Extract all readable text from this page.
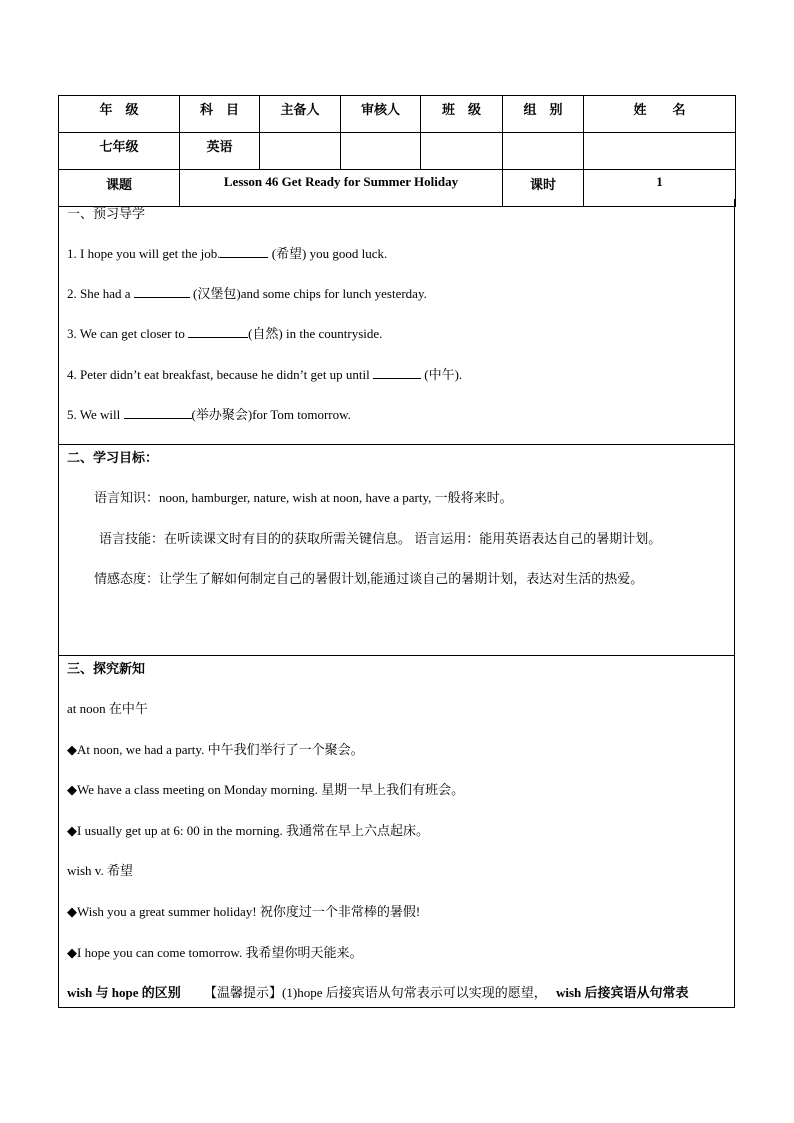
年　级	科　目	主备人	审核人	班　级	组　别	姓　　名
七年级	英语					
课题	Lesson 46 Get Ready for Summer Holiday				课时	1
一、预习导学
1. I hope you will get the job.	(希望) you good luck.
2. She had a	(汉堡包)and some chips for lunch yesterday.
3. We can get closer to	(自然) in the countryside.
4. Peter didn’t eat breakfast, because he didn’t get up until	(中午).
5. We will	(举办聚会)for Tom tomorrow.
二、学习目标：
语言知识：noon, hamburger, nature, wish at noon, have a party, 一般将来时。
语言技能：在听读课文时有目的的获取所需关键信息。 语言运用：能用英语表达自己的暑期计划。
情感态度：让学生了解如何制定自己的暑假计划,能通过谈自己的暑期计划，表达对生活的热爱。
三、探究新知
at noon 在中午
◆At noon, we had a party. 中午我们举行了一个聚会。
◆We have a class meeting on Monday morning. 星期一早上我们有班会。
◆I usually get up at 6: 00 in the morning. 我通常在早上六点起床。
wish v. 希望
◆Wish you a great summer holiday! 祝你度过一个非常棒的暑假!
◆I hope you can come tomorrow. 我希望你明天能来。
wish 与 hope 的区别 【温馨提示】(1)hope 后接宾语从句常表示可以实现的愿望， wish 后接宾语从句常表
